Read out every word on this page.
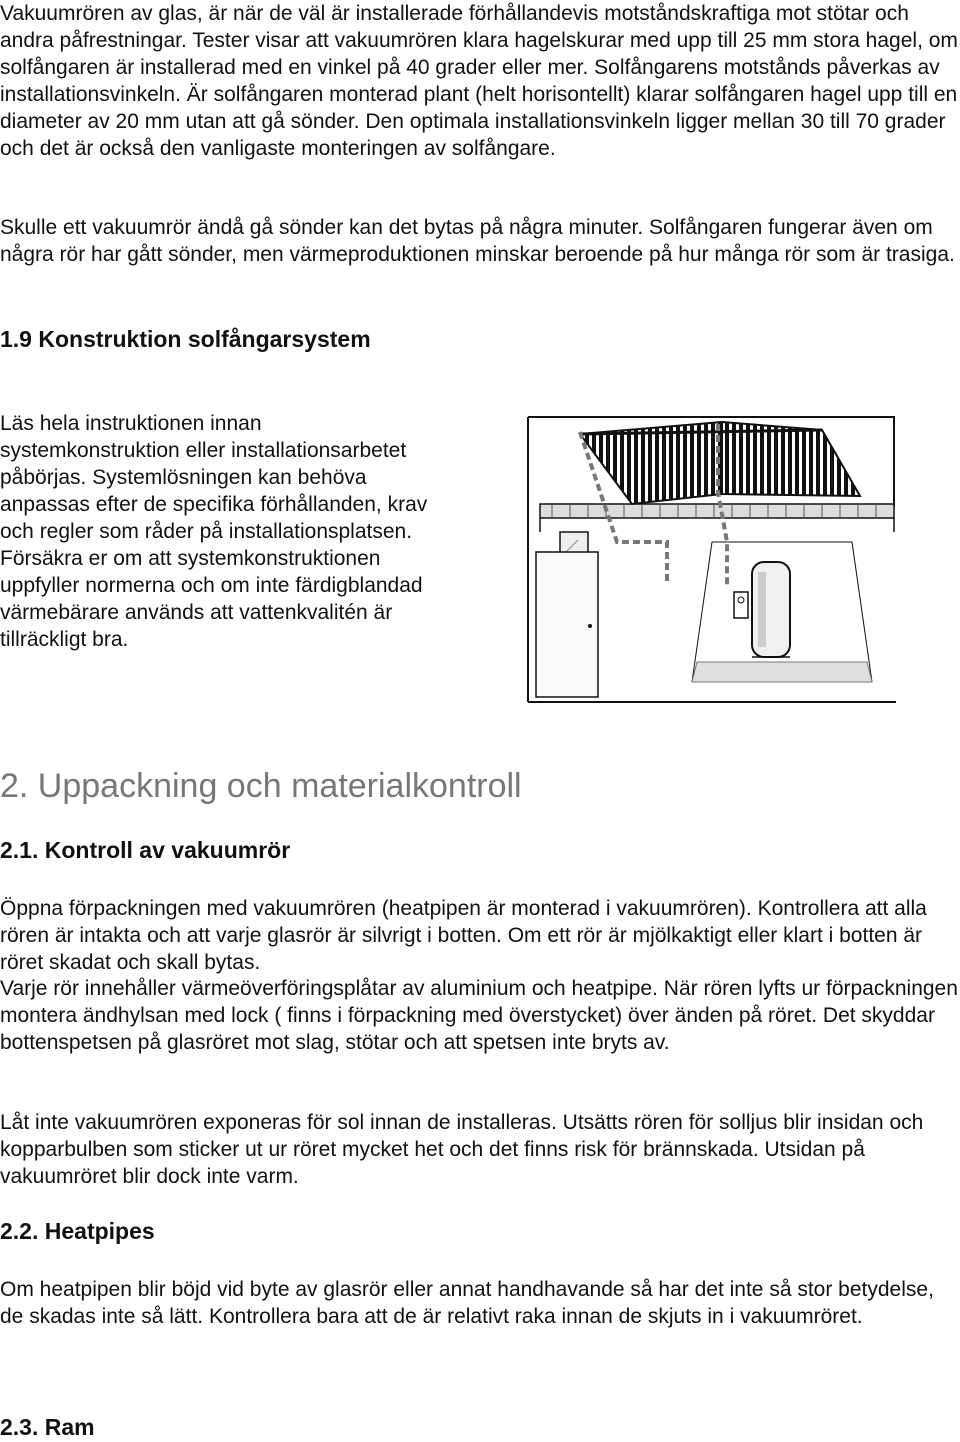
Vakuumrören av glas, är när de väl är installerade förhållandevis motståndskraftiga mot stötar och andra påfrestningar. Tester visar att vakuumrören klara hagelskurar med upp till 25 mm stora hagel, om solfångaren är installerad med en vinkel på 40 grader eller mer. Solfångarens motstånds påverkas av installationsvinkeln. Är solfångaren monterad plant (helt horisontellt) klarar solfångaren hagel upp till en diameter av 20 mm utan att gå sönder. Den optimala installationsvinkeln ligger mellan 30 till 70 grader och det är också den vanligaste monteringen av solfångare.

Skulle ett vakuumrör ändå gå sönder kan det bytas på några minuter. Solfångaren fungerar även om några rör har gått sönder, men värmeproduktionen minskar beroende på hur många rör som är trasiga.

1.9 Konstruktion solfångarsystem

Läs hela instruktionen innan systemkonstruktion eller installationsarbetet påbörjas. Systemlösningen kan behöva anpassas efter de specifika förhållanden, krav och regler som råder på installationsplatsen. Försäkra er om att systemkonstruktionen uppfyller normerna och om inte färdigblandad värmebärare används att vattenkvalitén är tillräckligt bra.

2. Uppackning och materialkontroll
2.1. Kontroll av vakuumrör

Öppna förpackningen med vakuumrören (heatpipen är monterad i vakuumrören). Kontrollera att alla rören är intakta och att varje glasrör är silvrigt i botten. Om ett rör är mjölkaktigt eller klart i botten är röret skadat och skall bytas.

Varje rör innehåller värmeöverföringsplåtar av aluminium och heatpipe. När rören lyfts ur förpackningen montera ändhylsan med lock ( finns i förpackning med överstycket) över änden på röret. Det skyddar bottenspetsen på glasröret mot slag, stötar och att spetsen inte bryts av.

Låt inte vakuumrören exponeras för sol innan de installeras. Utsätts rören för solljus blir insidan och kopparbulben som sticker ut ur röret mycket het och det finns risk för brännskada. Utsidan på vakuumröret blir dock inte varm.

2.2. Heatpipes

Om heatpipen blir böjd vid byte av glasrör eller annat handhavande så har det inte så stor betydelse, de skadas inte så lätt. Kontrollera bara att de är relativt raka innan de skjuts in i vakuumröret.

2.3. Ram
